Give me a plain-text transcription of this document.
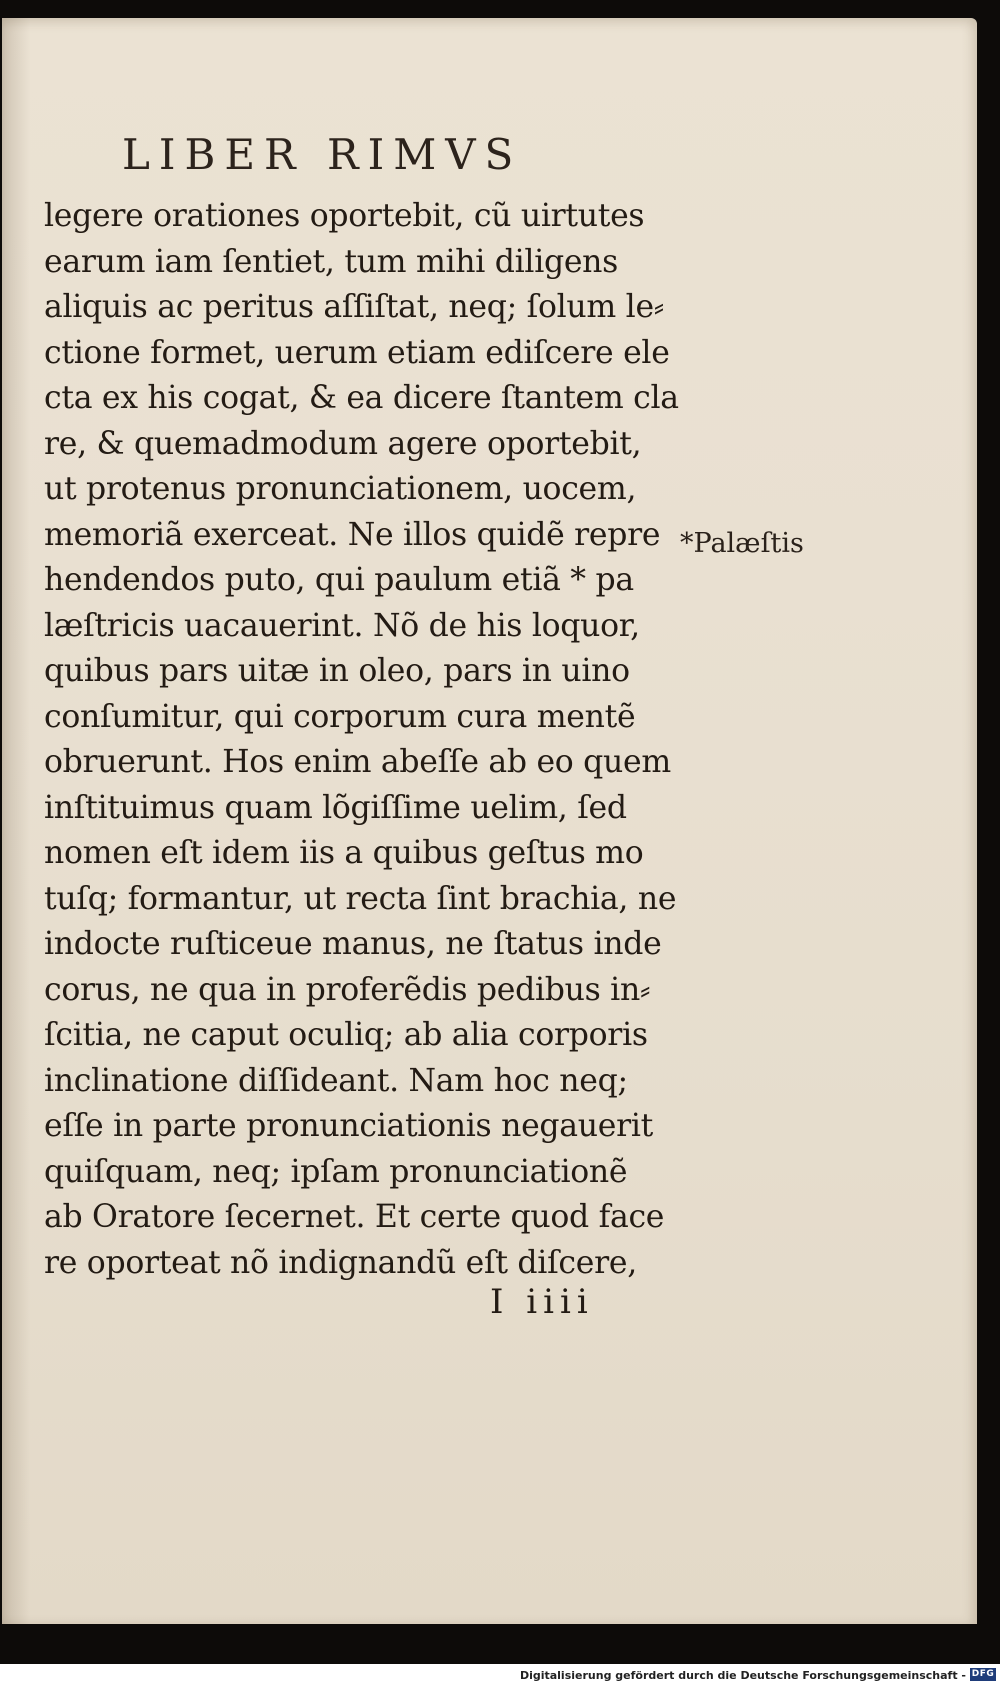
LIBER RIMVS
legere orationes oportebit, cũ uirtutes
earum iam ſentiet, tum mihi diligens
aliquis ac peritus aſſiſtat, neq; ſolum le⸗
ctione formet, uerum etiam ediſcere ele
cta ex his cogat, & ea dicere ſtantem cla
re, & quemadmodum agere oportebit,
ut protenus pronunciationem, uocem,
memoriã exerceat. Ne illos quidẽ repre
hendendos puto, qui paulum etiã * pa
læſtricis uacauerint. Nõ de his loquor,
quibus pars uitæ in oleo, pars in uino
conſumitur, qui corporum cura mentẽ
obruerunt. Hos enim abeſſe ab eo quem
inſtituimus quam lõgiſſime uelim, ſed
nomen eſt idem iis a quibus geſtus mo
tuſq; formantur, ut recta ſint brachia, ne
indocte ruſticeue manus, ne ſtatus inde
corus, ne qua in proferẽdis pedibus in⸗
ſcitia, ne caput oculiq; ab alia corporis
inclinatione diſſideant. Nam hoc neq;
eſſe in parte pronunciationis negauerit
quiſquam, neq; ipſam pronunciationẽ
ab Oratore ſecernet. Et certe quod face
re oporteat nõ indignandũ eſt diſcere,
*Palæſtis
I iiii
Digitalisierung gefördert durch die Deutsche Forschungsgemeinschaft - DFG
